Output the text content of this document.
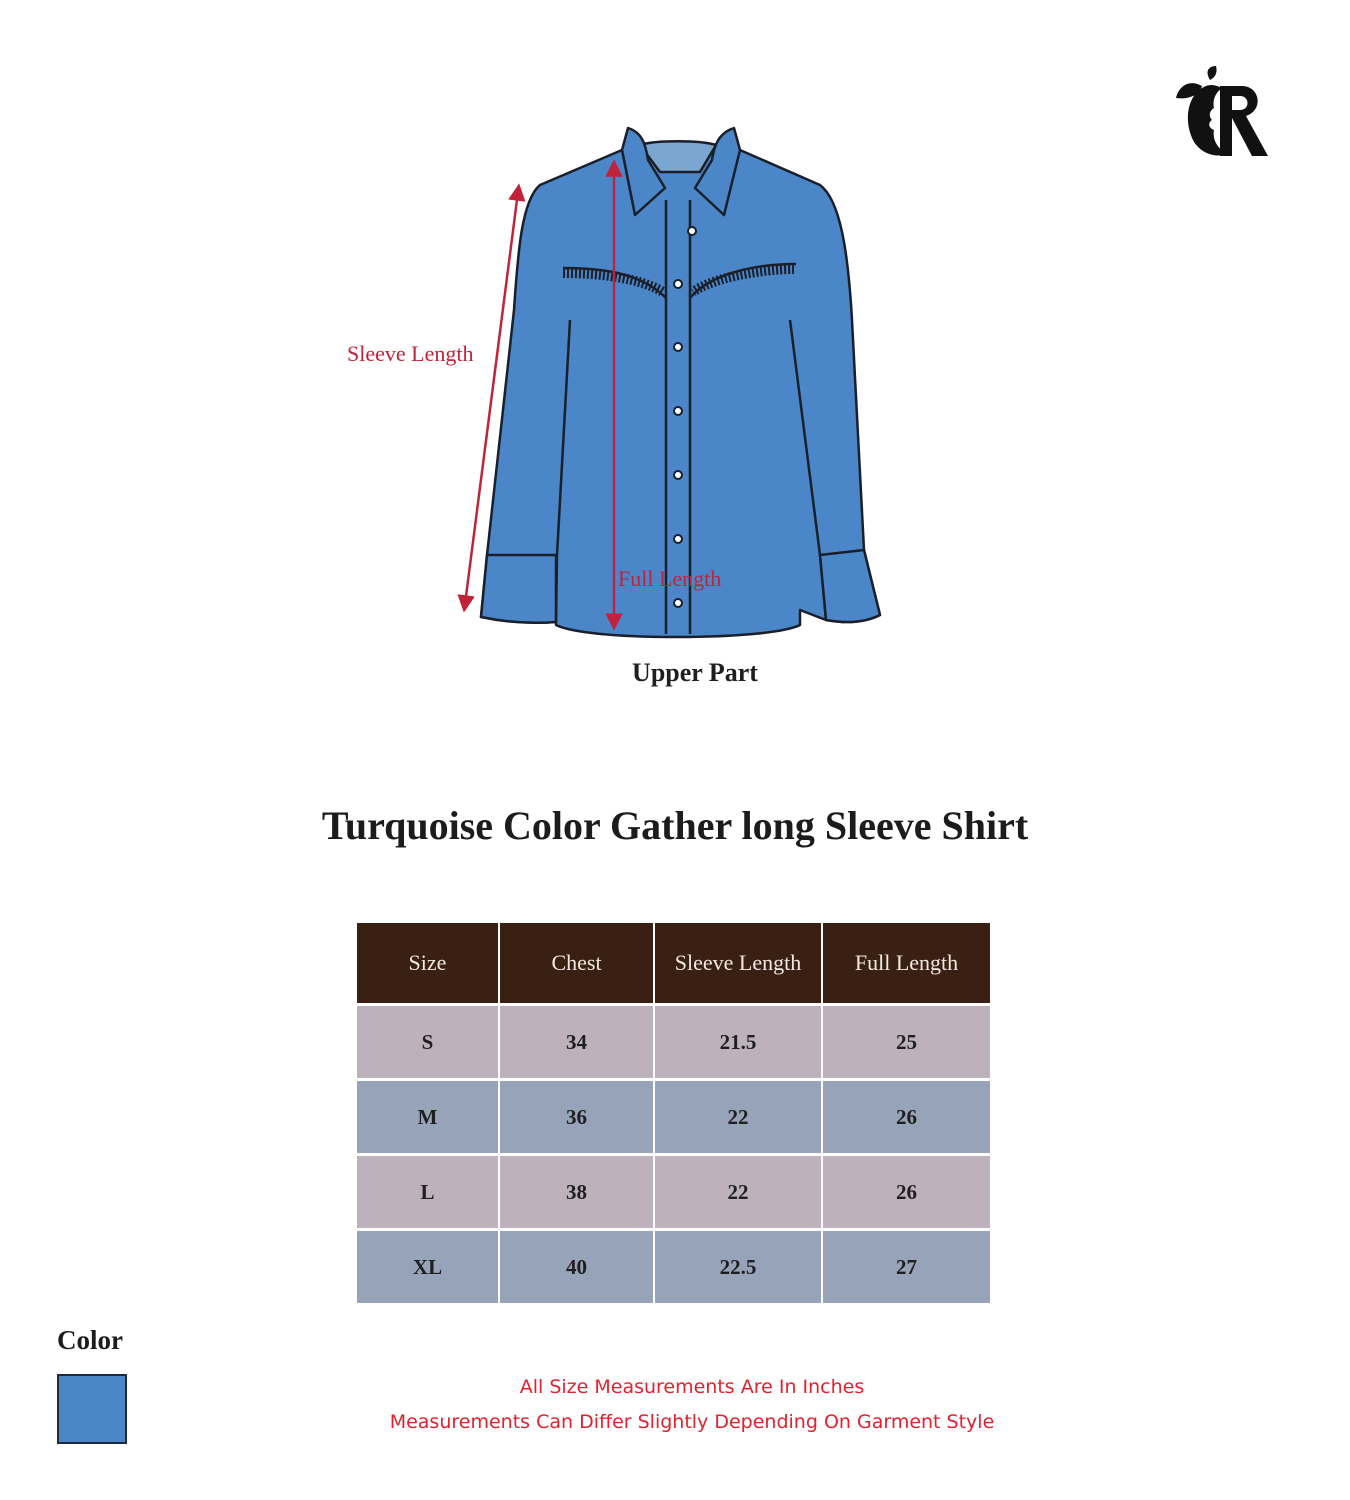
Sleeve Length
Full Length
Upper Part
Turquoise Color Gather long Sleeve Shirt
Size	Chest	Sleeve Length	Full Length
S	34	21.5	25
M	36	22	26
L	38	22	26
XL	40	22.5	27
Color
All Size Measurements Are In Inches
Measurements Can Differ Slightly Depending On Garment Style
